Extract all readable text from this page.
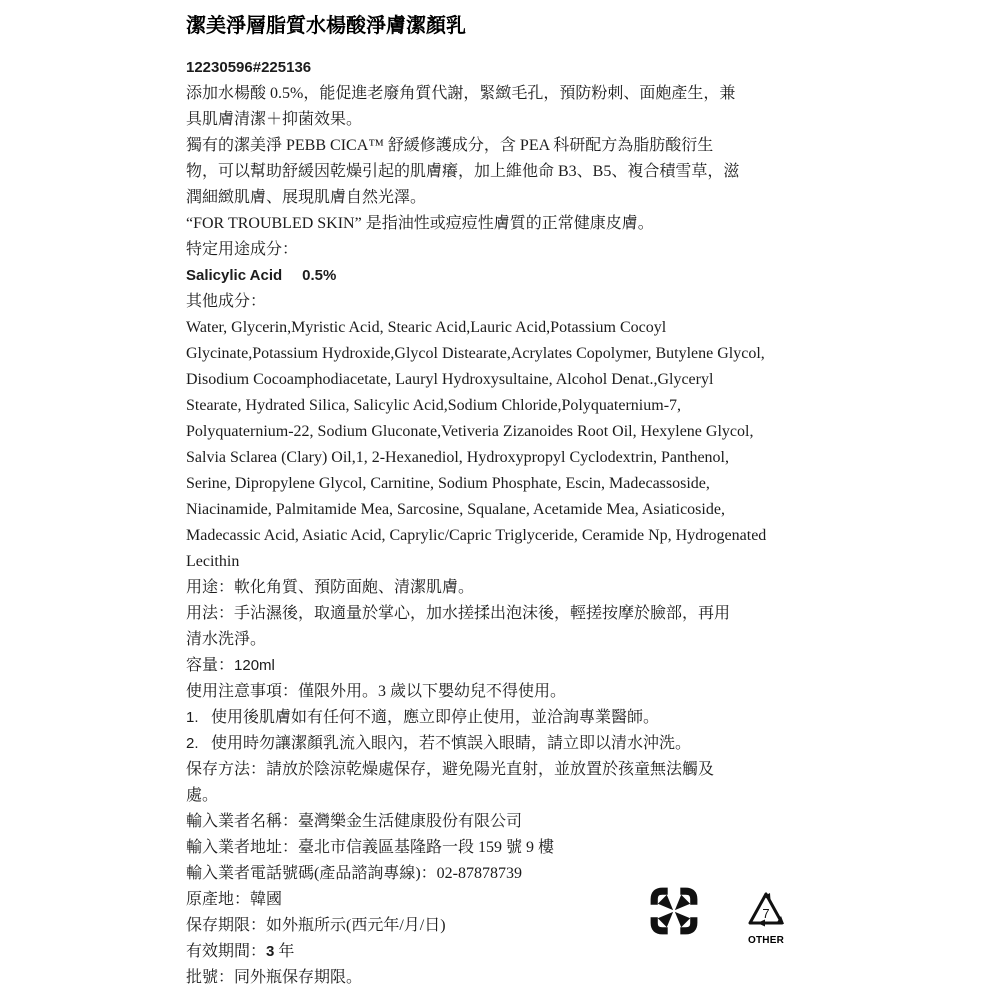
潔美淨層脂質水楊酸淨膚潔顏乳

12230596#225136

添加水楊酸 0.5%，能促進老廢角質代謝，緊緻毛孔，預防粉刺、面皰產生，兼

具肌膚清潔＋抑菌效果。

獨有的潔美淨 PEBB CICA™ 舒緩修護成分，含 PEA 科研配方為脂肪酸衍生

物，可以幫助舒緩因乾燥引起的肌膚癢，加上維他命 B3、B5、複合積雪草，滋

潤細緻肌膚、展現肌膚自然光澤。

“FOR TROUBLED SKIN” 是指油性或痘痘性膚質的正常健康皮膚。

特定用途成分：

Salicylic Acid 0.5%

其他成分：

Water, Glycerin,Myristic Acid, Stearic Acid,Lauric Acid,Potassium Cocoyl

Glycinate,Potassium Hydroxide,Glycol Distearate,Acrylates Copolymer, Butylene Glycol,

Disodium Cocoamphodiacetate, Lauryl Hydroxysultaine, Alcohol Denat.,Glyceryl

Stearate, Hydrated Silica, Salicylic Acid,Sodium Chloride,Polyquaternium-7,

Polyquaternium-22, Sodium Gluconate,Vetiveria Zizanoides Root Oil, Hexylene Glycol,

Salvia Sclarea (Clary) Oil,1, 2-Hexanediol, Hydroxypropyl Cyclodextrin, Panthenol,

Serine, Dipropylene Glycol, Carnitine, Sodium Phosphate, Escin, Madecassoside,

Niacinamide, Palmitamide Mea, Sarcosine, Squalane, Acetamide Mea, Asiaticoside,

Madecassic Acid, Asiatic Acid, Caprylic/Capric Triglyceride, Ceramide Np, Hydrogenated

Lecithin

用途：軟化角質、預防面皰、清潔肌膚。

用法：手沾濕後，取適量於掌心，加水搓揉出泡沫後，輕搓按摩於臉部，再用

清水洗淨。

容量：120ml

使用注意事項：僅限外用。3 歲以下嬰幼兒不得使用。

1. 使用後肌膚如有任何不適，應立即停止使用，並洽詢專業醫師。

2. 使用時勿讓潔顏乳流入眼內，若不慎誤入眼睛，請立即以清水沖洗。

保存方法：請放於陰涼乾燥處保存，避免陽光直射，並放置於孩童無法觸及

處。

輸入業者名稱：臺灣樂金生活健康股份有限公司

輸入業者地址：臺北市信義區基隆路一段 159 號 9 樓

輸入業者電話號碼(產品諮詢專線)：02-87878739

原產地：韓國

保存期限：如外瓶所示(西元年/月/日)

有效期間：3 年

批號：同外瓶保存期限。

7
OTHER
